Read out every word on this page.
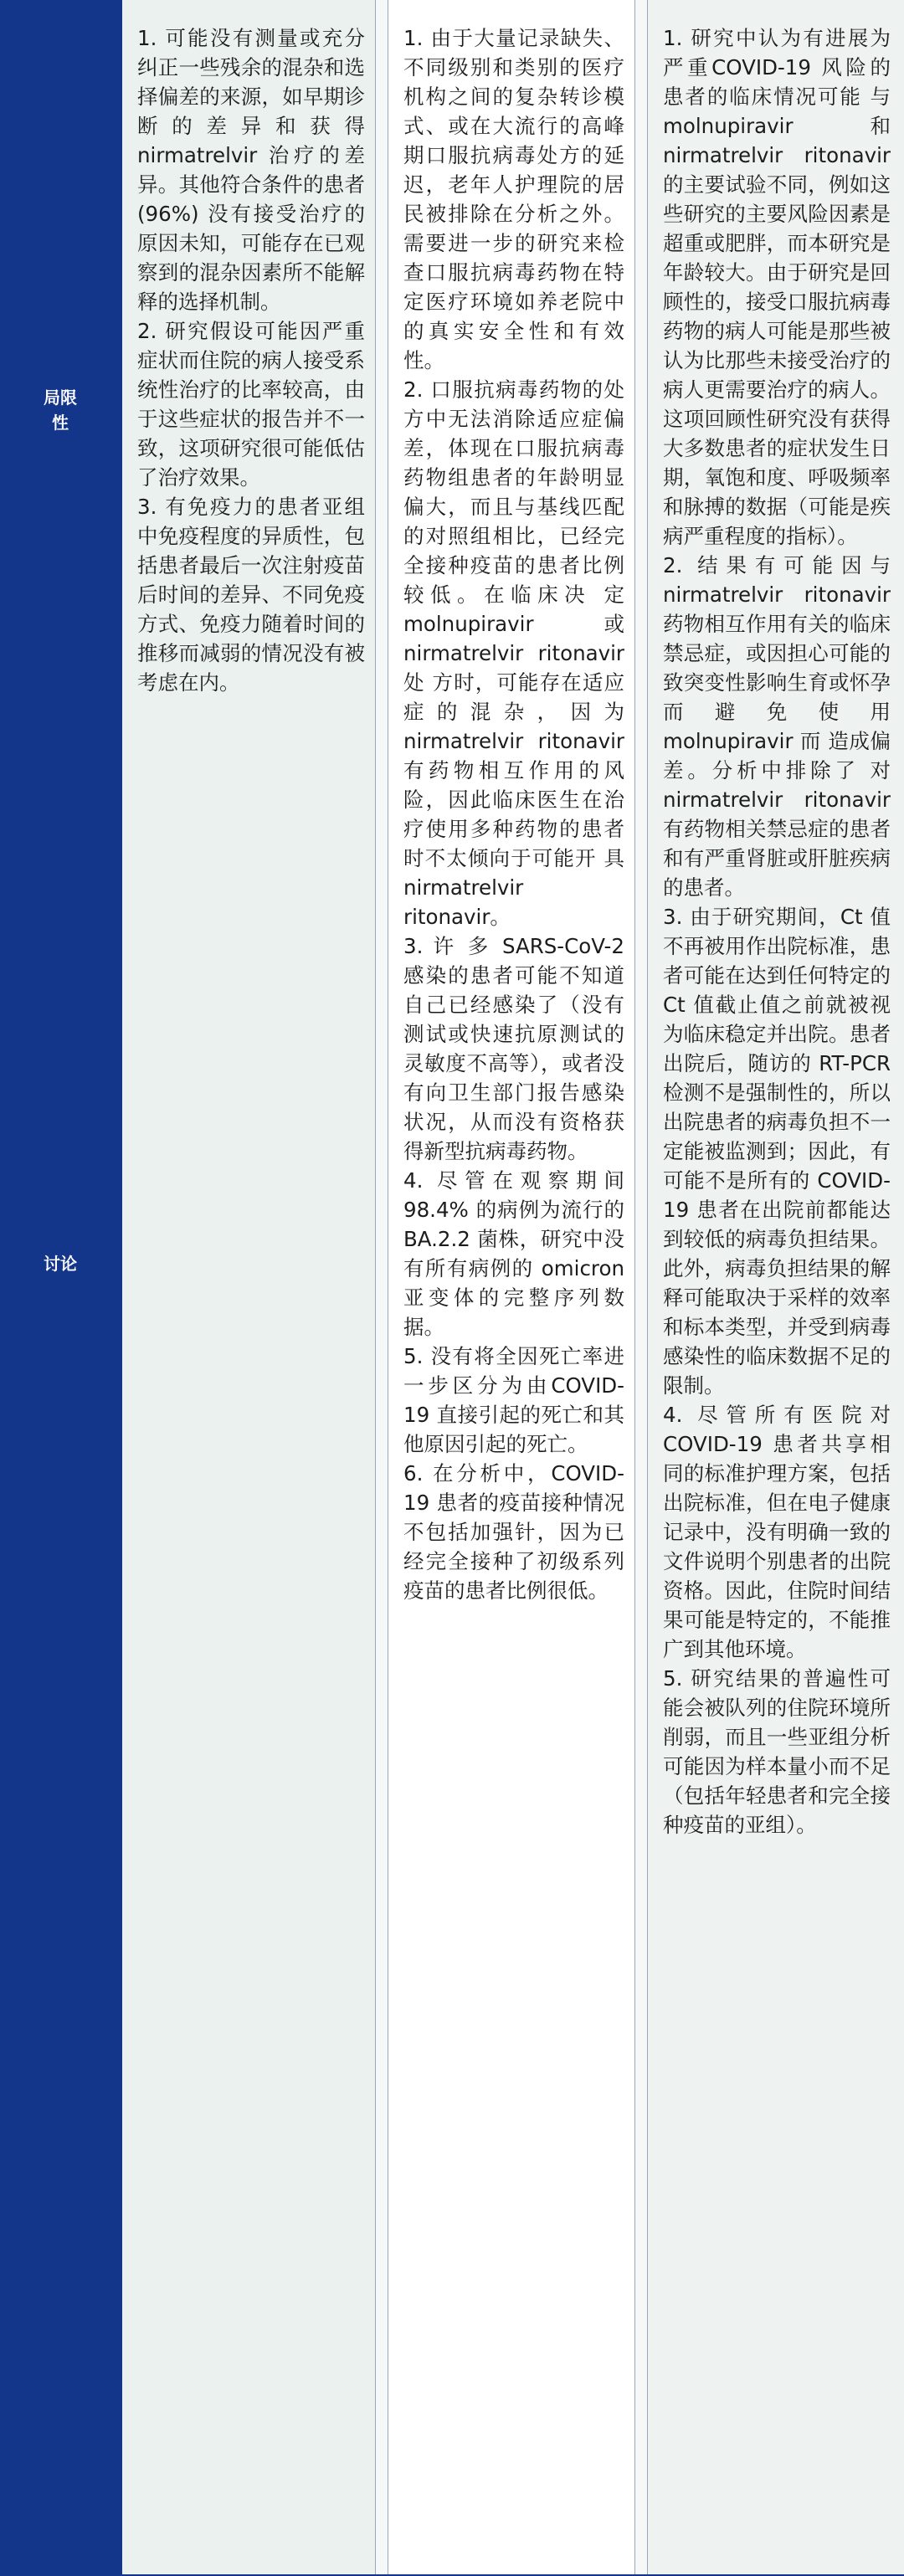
局限
性
讨论

1. 可能没有测量或充分纠正一些残余的混杂和选择偏差的来源，如早期诊断的差异和获得nirmatrelvir 治疗的差异。其他符合条件的患者 (96%) 没有接受治疗的原因未知，可能存在已观察到的混杂因素所不能解释的选择机制。

2. 研究假设可能因严重症状而住院的病人接受系统性治疗的比率较高，由于这些症状的报告并不一致，这项研究很可能低估了治疗效果。

3. 有免疫力的患者亚组中免疫程度的异质性，包括患者最后一次注射疫苗后时间的差异、不同免疫方式、免疫力随着时间的推移而减弱的情况没有被考虑在内。

1. 由于大量记录缺失、不同级别和类别的医疗机构之间的复杂转诊模式、或在大流行的高峰期口服抗病毒处方的延迟，老年人护理院的居民被排除在分析之外。需要进一步的研究来检查口服抗病毒药物在特定医疗环境如养老院中的真实安全性和有效性。

2. 口服抗病毒药物的处方中无法消除适应症偏差，体现在口服抗病毒药物组患者的年龄明显偏大，而且与基线匹配的对照组相比，已经完全接种疫苗的患者比例较低。在临床决 定 molnupiravir 或 nirmatrelvir ritonavir 处 方时，可能存在适应症的混杂，因为 nirmatrelvir ritonavir 有药物相互作用的风险，因此临床医生在治疗使用多种药物的患者时不太倾向于可能开 具 nirmatrelvir ritonavir。

3. 许 多 SARS-CoV-2 感染的患者可能不知道自己已经感染了（没有测试或快速抗原测试的灵敏度不高等），或者没有向卫生部门报告感染状况，从而没有资格获得新型抗病毒药物。

4. 尽管在观察期间98.4% 的病例为流行的 BA.2.2 菌株，研究中没有所有病例的 omicron 亚变体的完整序列数据。

5. 没有将全因死亡率进一步区分为由COVID-19 直接引起的死亡和其他原因引起的死亡。

6. 在分析中，COVID-19 患者的疫苗接种情况不包括加强针，因为已经完全接种了初级系列疫苗的患者比例很低。

1. 研究中认为有进展为严重COVID-19 风险的患者的临床情况可能 与 molnupiravir 和 nirmatrelvir ritonavir 的主要试验不同，例如这些研究的主要风险因素是超重或肥胖，而本研究是年龄较大。由于研究是回顾性的，接受口服抗病毒药物的病人可能是那些被认为比那些未接受治疗的病人更需要治疗的病人。这项回顾性研究没有获得大多数患者的症状发生日期，氧饱和度、呼吸频率和脉搏的数据（可能是疾病严重程度的指标）。

2. 结果有可能因与 nirmatrelvir ritonavir 药物相互作用有关的临床禁忌症，或因担心可能的致突变性影响生育或怀孕而避免使用 molnupiravir 而 造成偏差。分析中排除了 对 nirmatrelvir ritonavir 有药物相关禁忌症的患者和有严重肾脏或肝脏疾病的患者。

3. 由于研究期间，Ct 值不再被用作出院标准，患者可能在达到任何特定的 Ct 值截止值之前就被视为临床稳定并出院。患者出院后，随访的 RT-PCR 检测不是强制性的，所以出院患者的病毒负担不一定能被监测到；因此，有可能不是所有的 COVID-19 患者在出院前都能达到较低的病毒负担结果。此外，病毒负担结果的解释可能取决于采样的效率和标本类型，并受到病毒感染性的临床数据不足的限制。

4. 尽管所有医院对COVID-19 患者共享相同的标准护理方案，包括出院标准，但在电子健康记录中，没有明确一致的文件说明个别患者的出院资格。因此，住院时间结果可能是特定的，不能推广到其他环境。

5. 研究结果的普遍性可能会被队列的住院环境所削弱，而且一些亚组分析可能因为样本量小而不足（包括年轻患者和完全接种疫苗的亚组）。
